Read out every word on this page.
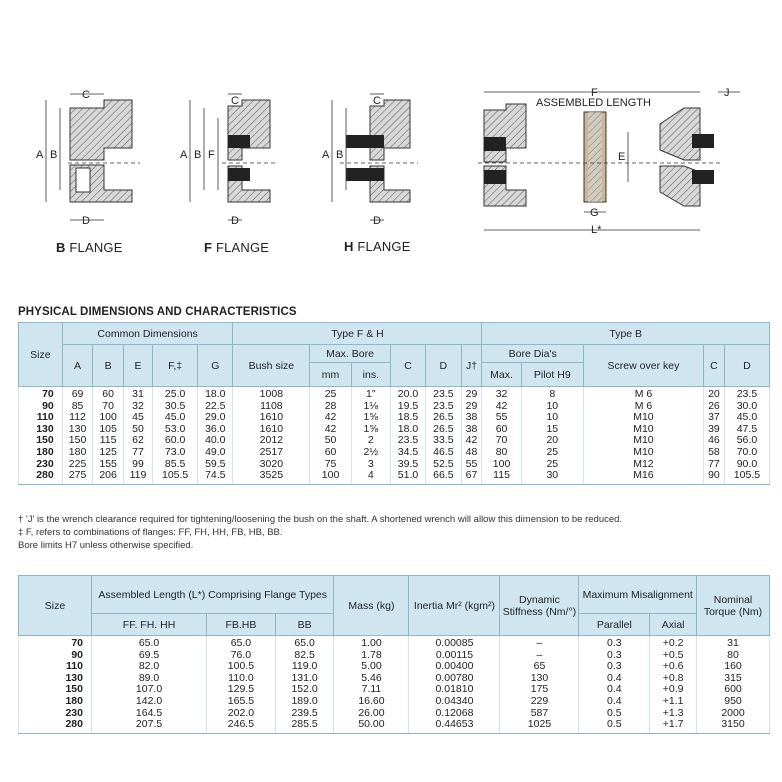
C
D
A B
C
D
A B F
C
D
A B
F	J
ASSEMBLED LENGTH
E
G
L*
B FLANGE	F FLANGE	H FLANGE
PHYSICAL DIMENSIONS AND CHARACTERISTICS
Size	Common Dimensions					Type F & H						Type B				
	A	B	E	F,‡	G	Bush size	Max. Bore		C	D	J†	Bore Dia's		Screw over key	C	D
							mm	ins.				Max.	Pilot H9			
70	69	60	31	25.0	18.0	1008	25	1"	20.0	23.5	29	32	8	M 6	20	23.5
90	85	70	32	30.5	22.5	1108	28	1⅛	19.5	23.5	29	42	10	M 6	26	30.0
110	112	100	45	45.0	29.0	1610	42	1⅝	18.5	26.5	38	55	10	M10	37	45.0
130	130	105	50	53.0	36.0	1610	42	1⅝	18.0	26.5	38	60	15	M10	39	47.5
150	150	115	62	60.0	40.0	2012	50	2	23.5	33.5	42	70	20	M10	46	56.0
180	180	125	77	73.0	49.0	2517	60	2½	34.5	46.5	48	80	25	M10	58	70.0
230	225	155	99	85.5	59.5	3020	75	3	39.5	52.5	55	100	25	M12	77	90.0
280	275	206	119	105.5	74.5	3525	100	4	51.0	66.5	67	115	30	M16	90	105.5
† 'J' is the wrench clearance required for tightening/loosening the bush on the shaft. A shortened wrench will allow this dimension to be reduced.
‡ F, refers to combinations of flanges: FF, FH, HH, FB, HB, BB.
Bore limits H7 unless otherwise specified.
Size	Assembled Length (L*) Comprising Flange Types			Mass (kg)	Inertia Mr² (kgm²)	Dynamic Stiffness (Nm/°)	Maximum Misalignment		Nominal Torque (Nm)
	FF. FH. HH	FB.HB	BB				Parallel	Axial	
70	65.0	65.0	65.0	1.00	0.00085	–	0.3	+0.2	31
90	69.5	76.0	82.5	1.78	0.00115	–	0.3	+0.5	80
110	82.0	100.5	119.0	5.00	0.00400	65	0.3	+0.6	160
130	89.0	110.0	131.0	5.46	0.00780	130	0.4	+0.8	315
150	107.0	129.5	152.0	7.11	0.01810	175	0.4	+0.9	600
180	142.0	165.5	189.0	16.60	0.04340	229	0.4	+1.1	950
230	164.5	202.0	239.5	26.00	0.12068	587	0.5	+1.3	2000
280	207.5	246.5	285.5	50.00	0.44653	1025	0.5	+1.7	3150
